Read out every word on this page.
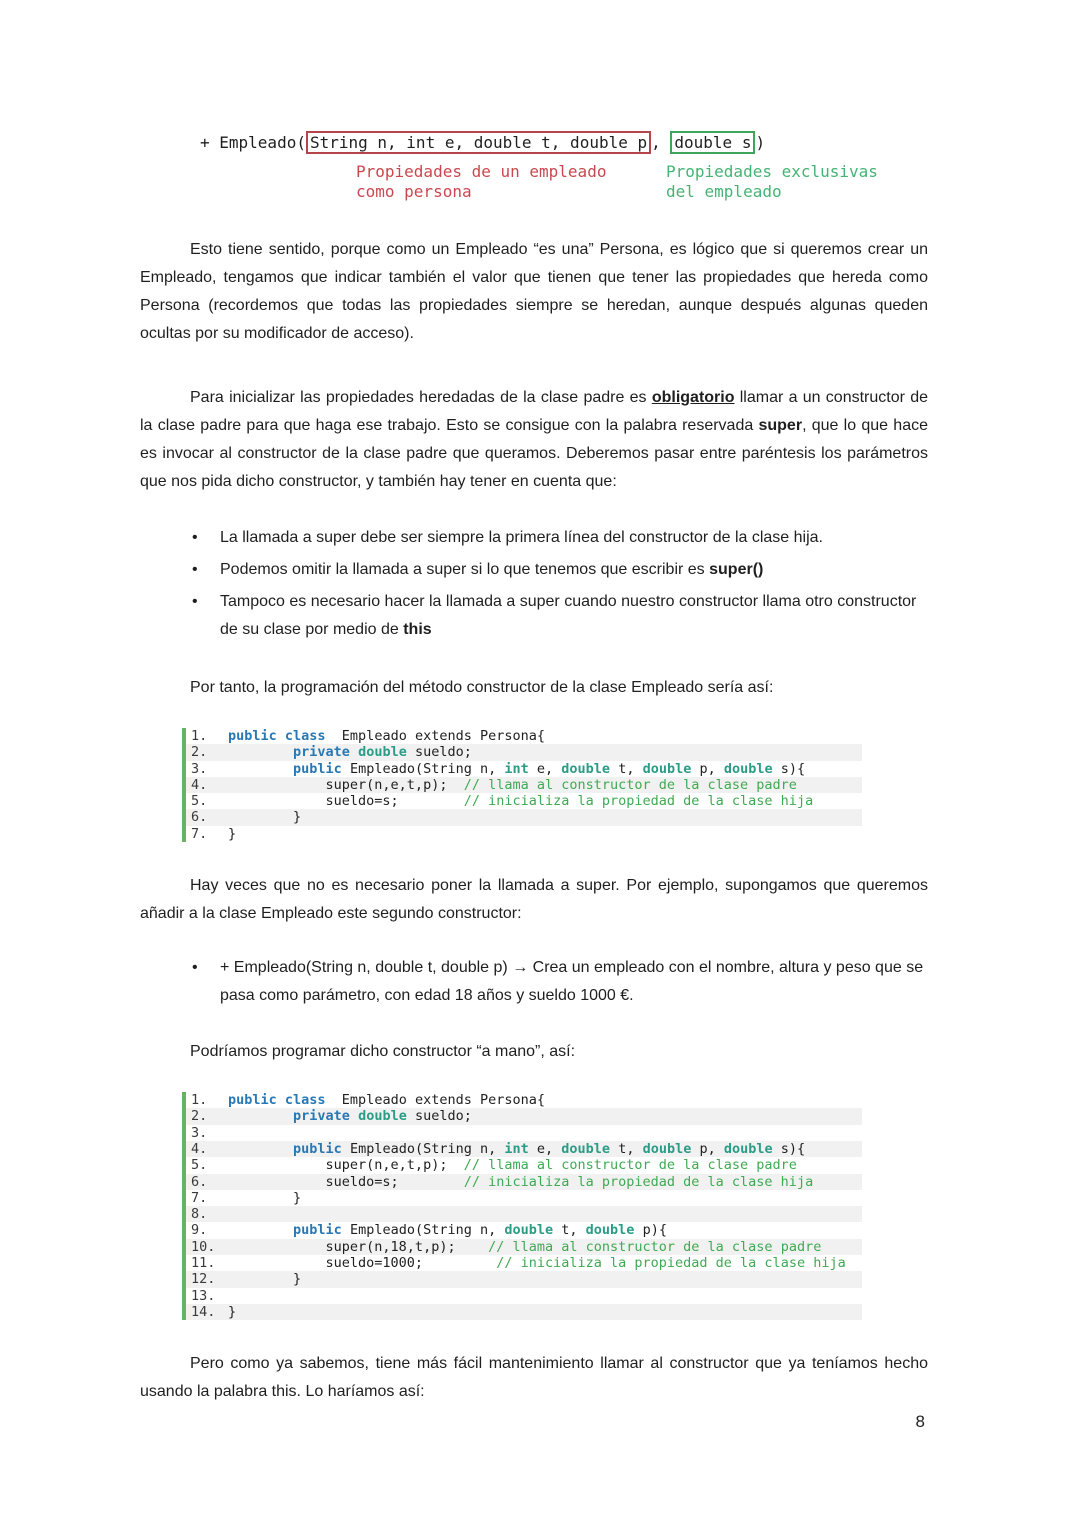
+ Empleado( String n, int e, double t, double p , double s )
Propiedades de un empleado
como persona
Propiedades exclusivas
del empleado

Esto tiene sentido, porque como un Empleado “es una” Persona, es lógico que si queremos crear un Empleado, tengamos que indicar también el valor que tienen que tener las propiedades que hereda como Persona (recordemos que todas las propiedades siempre se heredan, aunque después algunas queden ocultas por su modificador de acceso).

Para inicializar las propiedades heredadas de la clase padre es obligatorio llamar a un constructor de la clase padre para que haga ese trabajo. Esto se consigue con la palabra reservada super, que lo que hace es invocar al constructor de la clase padre que queramos. Deberemos pasar entre paréntesis los parámetros que nos pida dicho constructor, y también hay tener en cuenta que:

• La llamada a super debe ser siempre la primera línea del constructor de la clase hija.
• Podemos omitir la llamada a super si lo que tenemos que escribir es super()
• Tampoco es necesario hacer la llamada a super cuando nuestro constructor llama otro constructor de su clase por medio de this

Por tanto, la programación del método constructor de la clase Empleado sería así:

1.	public class  Empleado extends Persona{
2.	private double sueldo;
3.	public Empleado(String n, int e, double t, double p, double s){
4.	super(n,e,t,p);  // llama al constructor de la clase padre
5.	sueldo=s;        // inicializa la propiedad de la clase hija
6.	}
7.	}

Hay veces que no es necesario poner la llamada a super. Por ejemplo, supongamos que queremos añadir a la clase Empleado este segundo constructor:

• + Empleado(String n, double t, double p) → Crea un empleado con el nombre, altura y peso que se pasa como parámetro, con edad 18 años y sueldo 1000 €.

Podríamos programar dicho constructor “a mano”, así:

1.	public class  Empleado extends Persona{
2.	private double sueldo;
3.
4.	public Empleado(String n, int e, double t, double p, double s){
5.	super(n,e,t,p);  // llama al constructor de la clase padre
6.	sueldo=s;        // inicializa la propiedad de la clase hija
7.	}
8.
9.	public Empleado(String n, double t, double p){
10. super(n,18,t,p);    // llama al constructor de la clase padre
11. sueldo=1000;         // inicializa la propiedad de la clase hija
12. }
13.
14. }

Pero como ya sabemos, tiene más fácil mantenimiento llamar al constructor que ya teníamos hecho usando la palabra this. Lo haríamos así:

8
